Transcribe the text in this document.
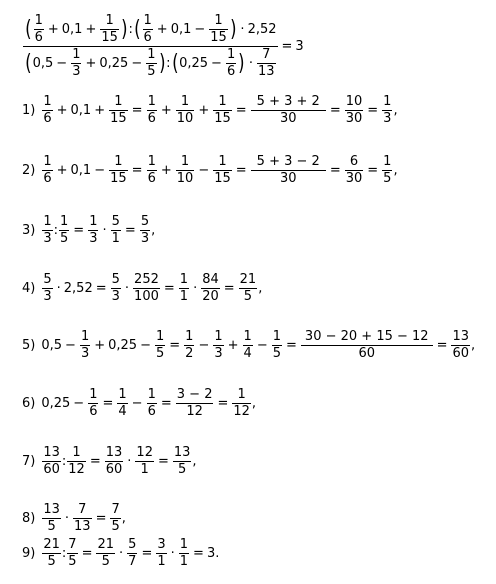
( 1
6
+ 0,1 +
1
15 ) : ( 1
6
+ 0,1 −
1
15 ) · 2,52
( 0,5 −
1
3
+ 0,25 −
1
5 ) : ( 0,25 −
1
6 ) ·
7
13
= 3
1)
1
6
+ 0,1 +
1
15
=
1
6
+
1
10
+
1
15
=
5 + 3 + 2
30
=
10
30
=
1
3
,
2)
1
6
+ 0,1 −
1
15
=
1
6
+
1
10
−
1
15
=
5 + 3 − 2
30
=
6
30
=
1
5
,
3)
1
3
:
1
5
=
1
3
·
5
1
=
5
3
,
4)
5
3
· 2,52 =
5
3
·
252
100
=
1
1
·
84
20
=
21
5
,
5) 0,5 −
1
3
+ 0,25 −
1
5
=
1
2
−
1
3
+
1
4
−
1
5
=
30 − 20 + 15 − 12
60
=
13
60
,
6) 0,25 −
1
6
=
1
4
−
1
6
=
3 − 2
12
=
1
12
,
7)
13
60
:
1
12
=
13
60
·
12
1
=
13
5
,
8)
13
5
·
7
13
=
7
5
,
9)
21
5
:
7
5
=
21
5
·
5
7
=
3
1
·
1
1
= 3 .
